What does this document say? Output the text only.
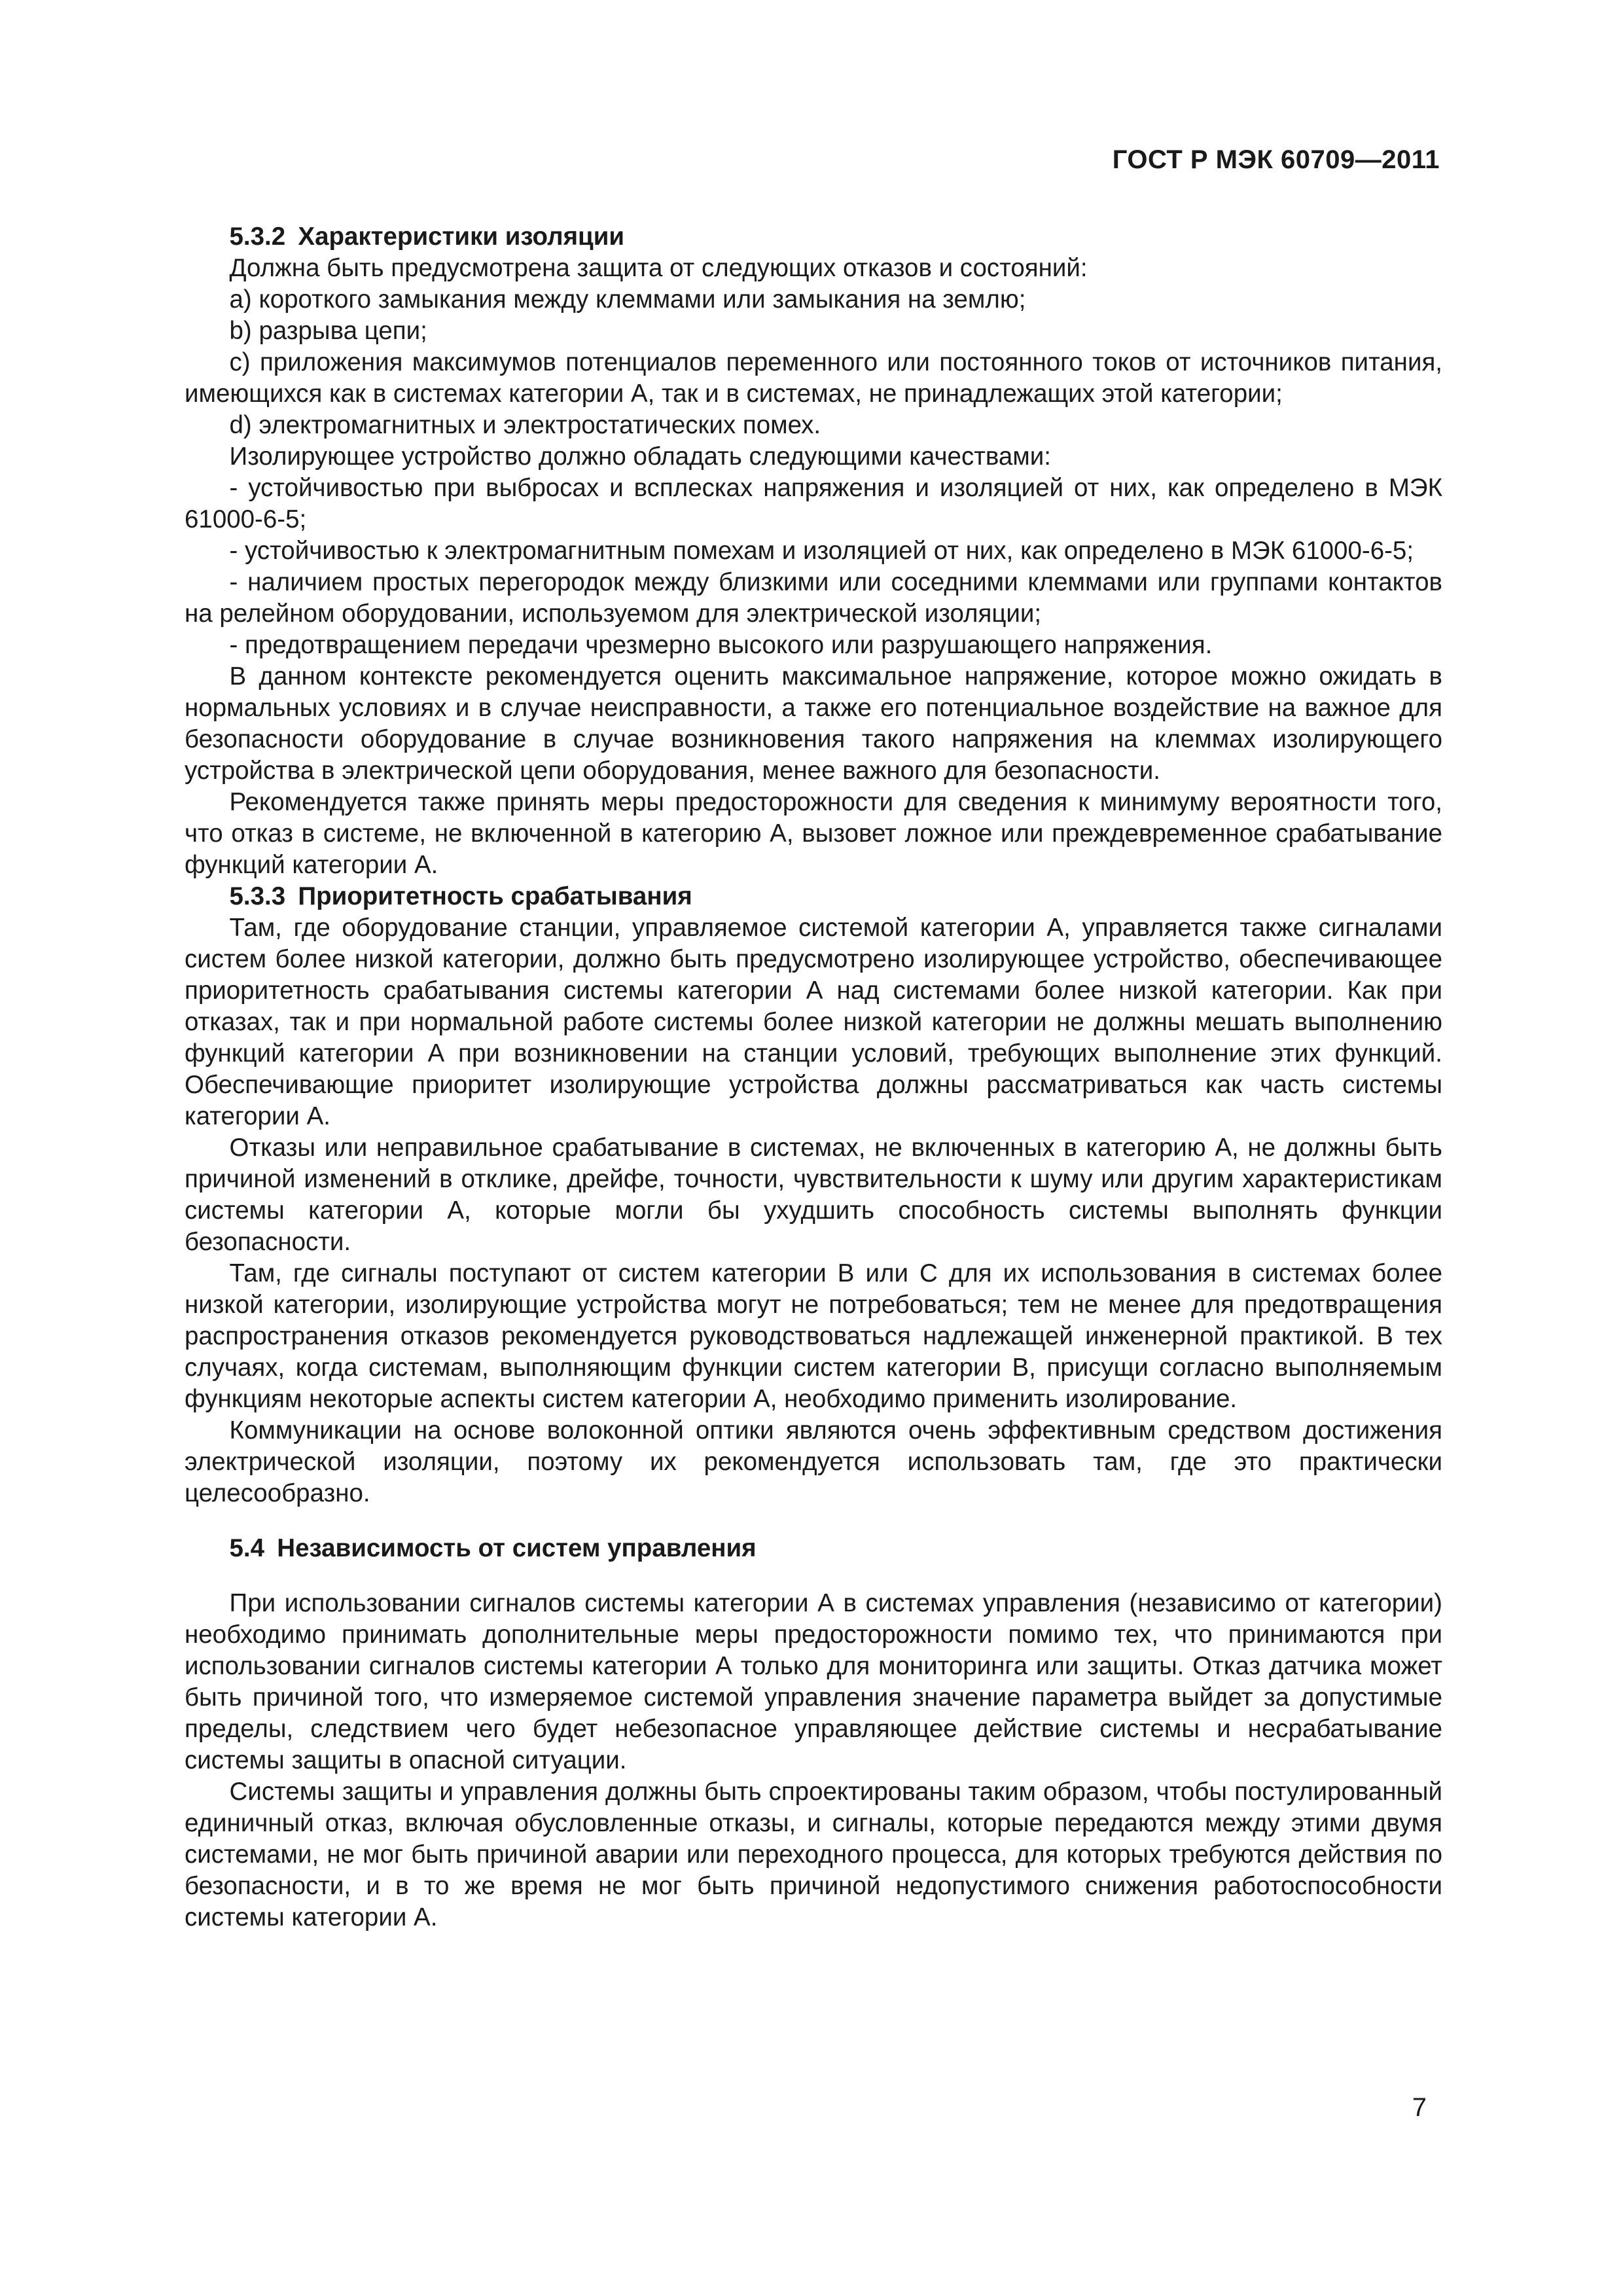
ГОСТ Р МЭК 60709—2011

5.3.2 Характеристики изоляции

Должна быть предусмотрена защита от следующих отказов и состояний:

а) короткого замыкания между клеммами или замыкания на землю;

b) разрыва цепи;

с) приложения максимумов потенциалов переменного или постоянного токов от источников питания, имеющихся как в системах категории А, так и в системах, не принадлежащих этой категории;

d) электромагнитных и электростатических помех.

Изолирующее устройство должно обладать следующими качествами:

- устойчивостью при выбросах и всплесках напряжения и изоляцией от них, как определено в МЭК 61000-6-5;

- устойчивостью к электромагнитным помехам и изоляцией от них, как определено в МЭК 61000-6-5;

- наличием простых перегородок между близкими или соседними клеммами или группами контактов на релейном оборудовании, используемом для электрической изоляции;

- предотвращением передачи чрезмерно высокого или разрушающего напряжения.

В данном контексте рекомендуется оценить максимальное напряжение, которое можно ожидать в нормальных условиях и в случае неисправности, а также его потенциальное воздействие на важное для безопасности оборудование в случае возникновения такого напряжения на клеммах изолирующего устройства в электрической цепи оборудования, менее важного для безопасности.

Рекомендуется также принять меры предосторожности для сведения к минимуму вероятности того, что отказ в системе, не включенной в категорию А, вызовет ложное или преждевременное срабатывание функций категории А.

5.3.3 Приоритетность срабатывания

Там, где оборудование станции, управляемое системой категории А, управляется также сигналами систем более низкой категории, должно быть предусмотрено изолирующее устройство, обеспечивающее приоритетность срабатывания системы категории А над системами более низкой категории. Как при отказах, так и при нормальной работе системы более низкой категории не должны мешать выполнению функций категории А при возникновении на станции условий, требующих выполнение этих функций. Обеспечивающие приоритет изолирующие устройства должны рассматриваться как часть системы категории А.

Отказы или неправильное срабатывание в системах, не включенных в категорию А, не должны быть причиной изменений в отклике, дрейфе, точности, чувствительности к шуму или другим характеристикам системы категории А, которые могли бы ухудшить способность системы выполнять функции безопасности.

Там, где сигналы поступают от систем категории В или С для их использования в системах более низкой категории, изолирующие устройства могут не потребоваться; тем не менее для предотвращения распространения отказов рекомендуется руководствоваться надлежащей инженерной практикой. В тех случаях, когда системам, выполняющим функции систем категории В, присущи согласно выполняемым функциям некоторые аспекты систем категории А, необходимо применить изолирование.

Коммуникации на основе волоконной оптики являются очень эффективным средством достижения электрической изоляции, поэтому их рекомендуется использовать там, где это практически целесообразно.

5.4 Независимость от систем управления

При использовании сигналов системы категории А в системах управления (независимо от категории) необходимо принимать дополнительные меры предосторожности помимо тех, что принимаются при использовании сигналов системы категории А только для мониторинга или защиты. Отказ датчика может быть причиной того, что измеряемое системой управления значение параметра выйдет за допустимые пределы, следствием чего будет небезопасное управляющее действие системы и несрабатывание системы защиты в опасной ситуации.

Системы защиты и управления должны быть спроектированы таким образом, чтобы постулированный единичный отказ, включая обусловленные отказы, и сигналы, которые передаются между этими двумя системами, не мог быть причиной аварии или переходного процесса, для которых требуются действия по безопасности, и в то же время не мог быть причиной недопустимого снижения работоспособности системы категории А.

7
